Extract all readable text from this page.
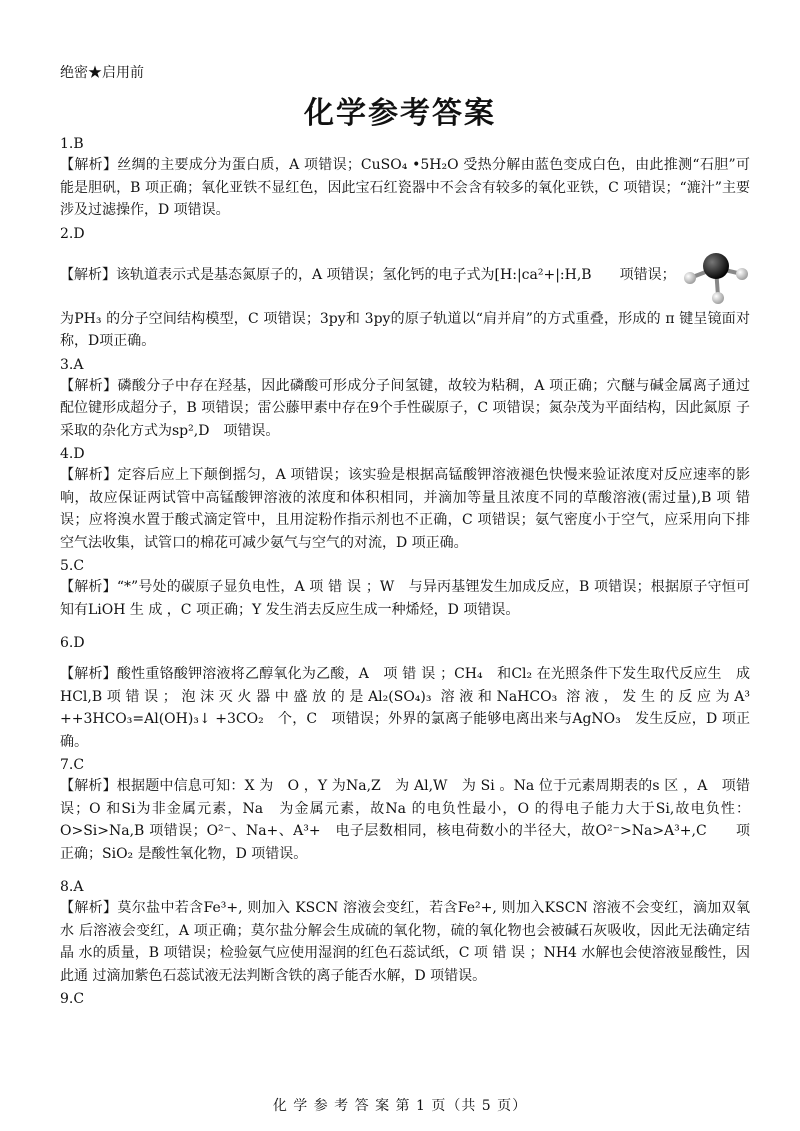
绝密★启用前
化学参考答案
1.B

【解析】丝绸的主要成分为蛋白质，A 项错误；CuSO₄ •5H₂O 受热分解由蓝色变成白色，由此推测“石胆”可能是胆矾，B 项正确；氧化亚铁不显红色，因此宝石红瓷器中不会含有较多的氧化亚铁，C 项错误；“漉汁”主要涉及过滤操作，D 项错误。

2.D

【解析】该轨道表示式是基态氮原子的，A 项错误；氢化钙的电子式为[H:|ca²+|:H,B　　项错误；

为PH₃ 的分子空间结构模型，C 项错误；3py和 3py的原子轨道以“肩并肩”的方式重叠，形成的 π 键呈镜面对称，D项正确。

3.A

【解析】磷酸分子中存在羟基，因此磷酸可形成分子间氢键，故较为粘稠，A 项正确；穴醚与碱金属离子通过 配位键形成超分子，B 项错误；雷公藤甲素中存在9个手性碳原子，C 项错误；氮杂茂为平面结构，因此氮原 子采取的杂化方式为sp²,D　项错误。

4.D

【解析】定容后应上下颠倒摇匀，A 项错误；该实验是根据高锰酸钾溶液褪色快慢来验证浓度对反应速率的影 响，故应保证两试管中高锰酸钾溶液的浓度和体积相同，并滴加等量且浓度不同的草酸溶液(需过量),B 项 错 误；应将溴水置于酸式滴定管中，且用淀粉作指示剂也不正确，C 项错误；氨气密度小于空气，应采用向下排 空气法收集，试管口的棉花可减少氨气与空气的对流，D 项正确。

5.C

【解析】“*”号处的碳原子显负电性，A 项 错 误 ；W　与异丙基锂发生加成反应，B 项错误；根据原子守恒可 知有LiOH 生 成 ，C 项正确；Y 发生消去反应生成一种烯烃，D 项错误。

6.D

【解析】酸性重铬酸钾溶液将乙醇氧化为乙酸，A　项 错 误 ；CH₄　和Cl₂ 在光照条件下发生取代反应生　成HCl,B项错误；泡沫灭火器中盛放的是Al₂(SO₄)₃ 溶液和NaHCO₃ 溶液，发生的反应为A³ ++3HCO₃=Al(OH)₃↓ +3CO₂　个，C　项错误；外界的氯离子能够电离出来与AgNO₃　发生反应，D 项正确。

7.C

【解析】根据题中信息可知：X 为　O ，Y 为Na,Z　为 Al,W　为 Si 。Na 位于元素周期表的s 区 ，A　项错误；O 和Si为非金属元素，Na　为金属元素，故Na 的电负性最小，O 的得电子能力大于Si,故电负性：O>Si>Na,B 项错误；O²⁻、Na+、A³+　电子层数相同，核电荷数小的半径大，故O²⁻>Na>A³+,C　　项正确；SiO₂ 是酸性氧化物，D 项错误。

8.A

【解析】莫尔盐中若含Fe³+, 则加入 KSCN 溶液会变红，若含Fe²+, 则加入KSCN 溶液不会变红，滴加双氧水 后溶液会变红，A 项正确；莫尔盐分解会生成硫的氧化物，硫的氧化物也会被碱石灰吸收，因此无法确定结晶 水的质量，B 项错误；检验氨气应使用湿润的红色石蕊试纸，C 项 错 误 ；NH4 水解也会使溶液显酸性，因此通 过滴加紫色石蕊试液无法判断含铁的离子能否水解，D 项错误。

9.C
化 学 参 考 答 案 第 1 页（共 5 页）
